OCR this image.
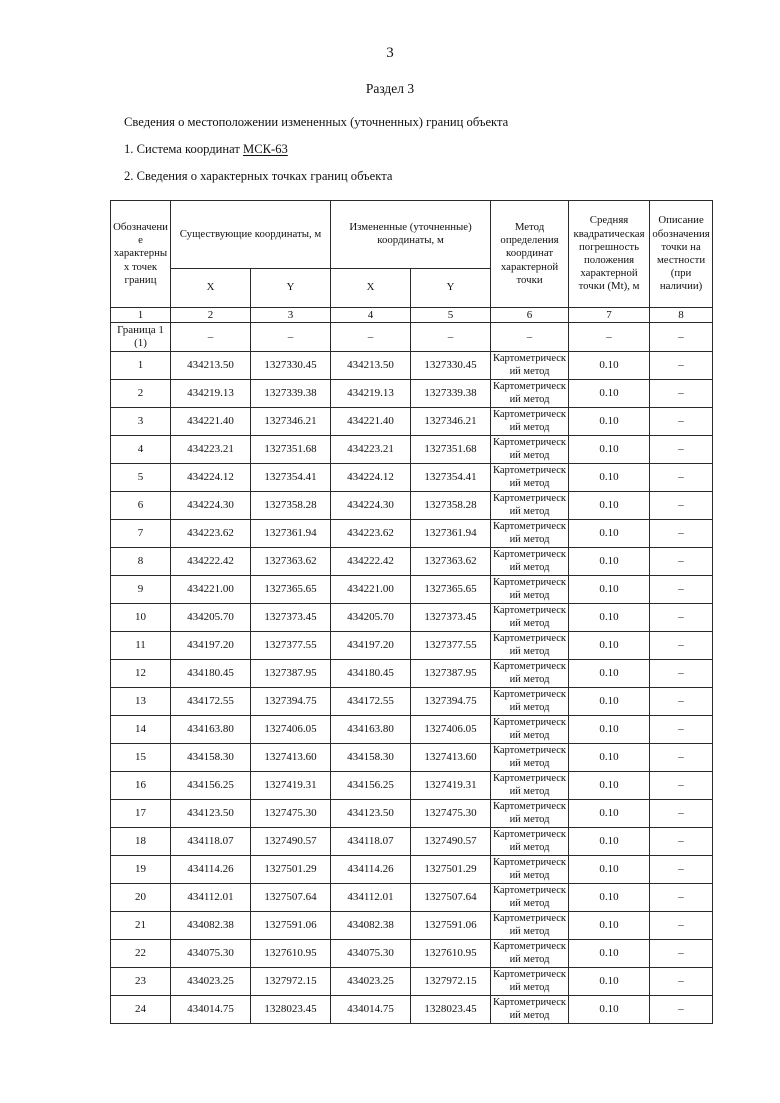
3
Раздел 3
Сведения о местоположении измененных (уточненных) границ объекта
1. Система координат МСК-63
2. Сведения о характерных точках границ объекта
Обозначение характерных точек границ	Существующие координаты, м		Измененные (уточненные) координаты, м		Метод определения координат характерной точки	Средняя квадратическая погрешность положения характерной точки (Mt), м	Описание обозначения точки на местности (при наличии)
	X	Y	X	Y			
1	2	3	4	5	6	7	8
Граница 1 (1)	–	–	–	–	–	–	–
1	434213.50	1327330.45	434213.50	1327330.45	Картометрический метод	0.10	–
2	434219.13	1327339.38	434219.13	1327339.38	Картометрический метод	0.10	–
3	434221.40	1327346.21	434221.40	1327346.21	Картометрический метод	0.10	–
4	434223.21	1327351.68	434223.21	1327351.68	Картометрический метод	0.10	–
5	434224.12	1327354.41	434224.12	1327354.41	Картометрический метод	0.10	–
6	434224.30	1327358.28	434224.30	1327358.28	Картометрический метод	0.10	–
7	434223.62	1327361.94	434223.62	1327361.94	Картометрический метод	0.10	–
8	434222.42	1327363.62	434222.42	1327363.62	Картометрический метод	0.10	–
9	434221.00	1327365.65	434221.00	1327365.65	Картометрический метод	0.10	–
10	434205.70	1327373.45	434205.70	1327373.45	Картометрический метод	0.10	–
11	434197.20	1327377.55	434197.20	1327377.55	Картометрический метод	0.10	–
12	434180.45	1327387.95	434180.45	1327387.95	Картометрический метод	0.10	–
13	434172.55	1327394.75	434172.55	1327394.75	Картометрический метод	0.10	–
14	434163.80	1327406.05	434163.80	1327406.05	Картометрический метод	0.10	–
15	434158.30	1327413.60	434158.30	1327413.60	Картометрический метод	0.10	–
16	434156.25	1327419.31	434156.25	1327419.31	Картометрический метод	0.10	–
17	434123.50	1327475.30	434123.50	1327475.30	Картометрический метод	0.10	–
18	434118.07	1327490.57	434118.07	1327490.57	Картометрический метод	0.10	–
19	434114.26	1327501.29	434114.26	1327501.29	Картометрический метод	0.10	–
20	434112.01	1327507.64	434112.01	1327507.64	Картометрический метод	0.10	–
21	434082.38	1327591.06	434082.38	1327591.06	Картометрический метод	0.10	–
22	434075.30	1327610.95	434075.30	1327610.95	Картометрический метод	0.10	–
23	434023.25	1327972.15	434023.25	1327972.15	Картометрический метод	0.10	–
24	434014.75	1328023.45	434014.75	1328023.45	Картометрический метод	0.10	–
